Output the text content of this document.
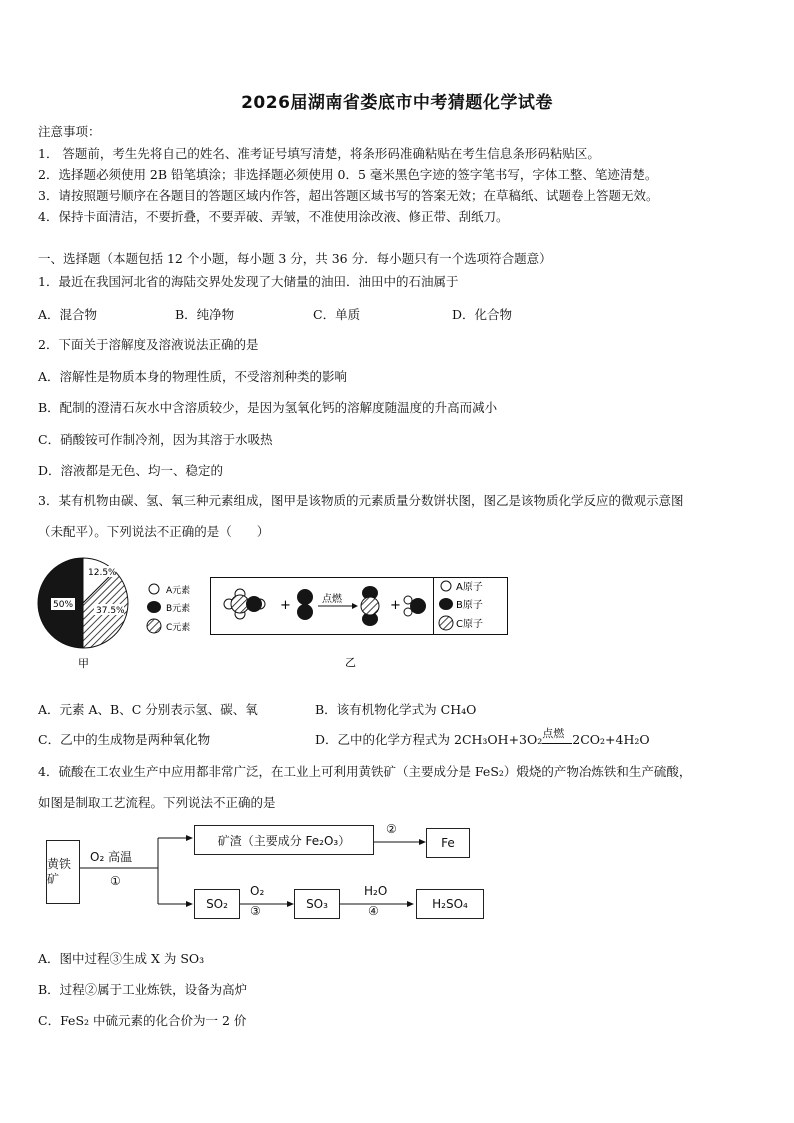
2026届湖南省娄底市中考猜题化学试卷
注意事项：
1． 答题前，考生先将自己的姓名、准考证号填写清楚，将条形码准确粘贴在考生信息条形码粘贴区。
2．选择题必须使用 2B 铅笔填涂；非选择题必须使用 0．5 毫米黑色字迹的签字笔书写，字体工整、笔迹清楚。
3．请按照题号顺序在各题目的答题区域内作答，超出答题区域书写的答案无效；在草稿纸、试题卷上答题无效。
4．保持卡面清洁，不要折叠，不要弄破、弄皱，不准使用涂改液、修正带、刮纸刀。
一、选择题（本题包括 12 个小题，每小题 3 分，共 36 分．每小题只有一个选项符合题意）
1．最近在我国河北省的海陆交界处发现了大储量的油田．油田中的石油属于
A．混合物	B．纯净物	C．单质	D．化合物
2．下面关于溶解度及溶液说法正确的是
A．溶解性是物质本身的物理性质，不受溶剂种类的影响
B．配制的澄清石灰水中含溶质较少，是因为氢氧化钙的溶解度随温度的升高而减小
C．硝酸铵可作制冷剂，因为其溶于水吸热
D．溶液都是无色、均一、稳定的
3．某有机物由碳、氢、氧三种元素组成，图甲是该物质的元素质量分数饼状图，图乙是该物质化学反应的微观示意图
（未配平）。下列说法不正确的是（　　）
12.5%
50%
37.5%
A元素
B元素
C元素
甲
+	点燃	+
A原子
B原子
C原子
乙
A．元素 A、B、C 分别表示氢、碳、氧	B．该有机物化学式为 CH₄O
C．乙中的生成物是两种氧化物	D．乙中的化学方程式为 2CH₃OH+3O₂ 点燃 2CO₂+4H₂O
4．硫酸在工农业生产中应用都非常广泛，在工业上可利用黄铁矿（主要成分是 FeS₂）煅烧的产物冶炼铁和生产硫酸，
如图是制取工艺流程。下列说法不正确的是
黄铁矿
O₂ 高温
①
矿渣（主要成分 Fe₂O₃）
②
Fe
SO₂
O₂
③	SO₃
H₂O
④	H₂SO₄
A．图中过程③生成 X 为 SO₃
B．过程②属于工业炼铁，设备为高炉
C．FeS₂ 中硫元素的化合价为一 2 价
